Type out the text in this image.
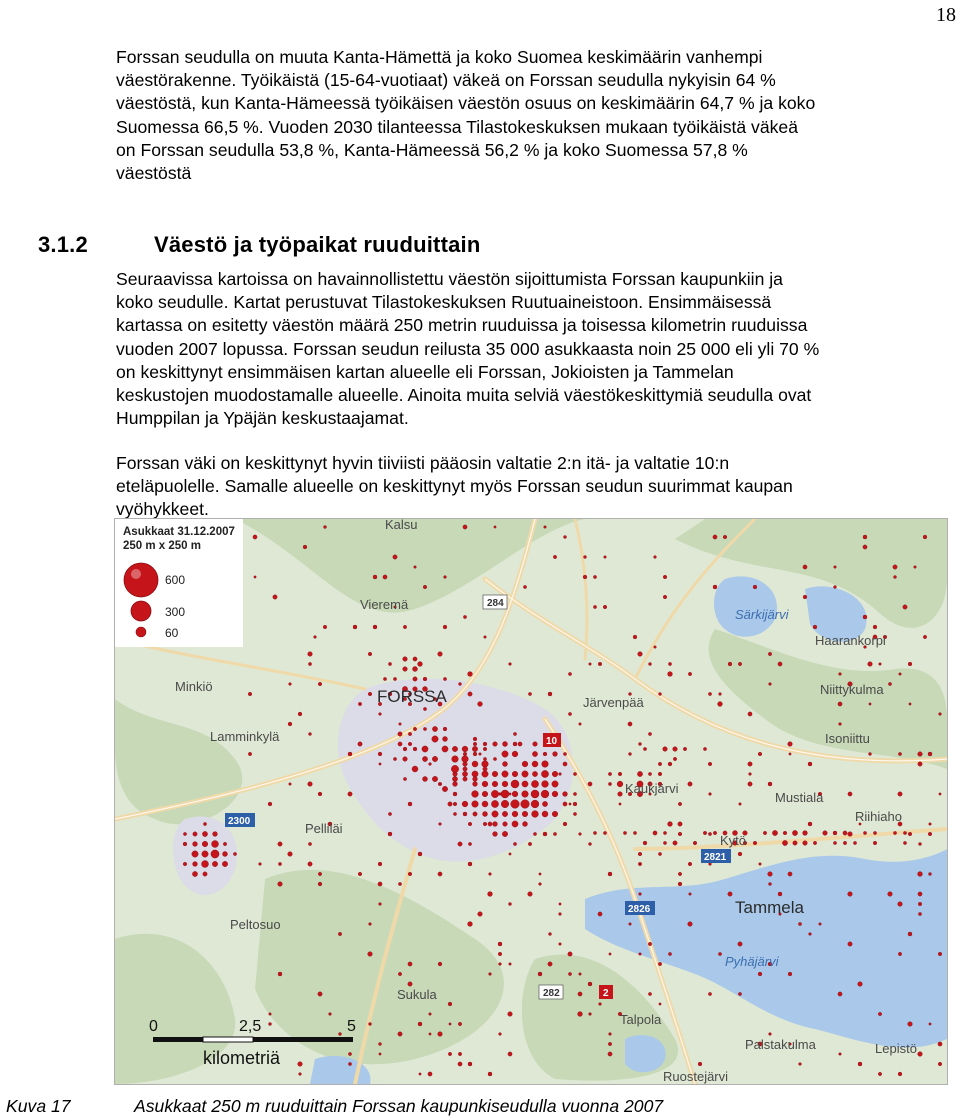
18
Forssan seudulla on muuta Kanta-Hämettä ja koko Suomea keskimäärin vanhempi
väestörakenne. Työikäistä (15-64-vuotiaat) väkeä on Forssan seudulla nykyisin 64 %
väestöstä, kun Kanta-Hämeessä työikäisen väestön osuus on keskimäärin 64,7 % ja koko
Suomessa 66,5 %. Vuoden 2030 tilanteessa Tilastokeskuksen mukaan työikäistä väkeä
on Forssan seudulla 53,8 %, Kanta-Hämeessä 56,2 % ja koko Suomessa 57,8 %
väestöstä
3.1.2	Väestö ja työpaikat ruuduittain
Seuraavissa kartoissa on havainnollistettu väestön sijoittumista Forssan kaupunkiin ja
koko seudulle. Kartat perustuvat Tilastokeskuksen Ruutuaineistoon. Ensimmäisessä
kartassa on esitetty väestön määrä 250 metrin ruuduissa ja toisessa kilometrin ruuduissa
vuoden 2007 lopussa. Forssan seudun reilusta 35 000 asukkaasta noin 25 000 eli yli 70 %
on keskittynyt ensimmäisen kartan alueelle eli Forssan, Jokioisten ja Tammelan
keskustojen muodostamalle alueelle. Ainoita muita selviä väestökeskittymiä seudulla ovat
Humppilan ja Ypäjän keskustaajamat.
Forssan väki on keskittynyt hyvin tiiviisti pääosin valtatie 2:n itä- ja valtatie 10:n
eteläpuolelle. Samalle alueelle on keskittynyt myös Forssan seudun suurimmat kaupan
vyöhykkeet.
Asukkaat 31.12.2007
250 m x 250 m
600
300
60
Kalsu
Vieremä
Minkiö
Lamminkylä
FORSSA	Järvenpää
Kaukjärvi
Pelliläi
Peltosuo
Sukula
Särkijärvi
Haarankorpi
Niittykulma
Isoniittu
Mustiala
Riihiaho
Kytö
Tammela
Pyhäjärvi
Talpola
Palstakulma	Lepistö
Ruostejärvi
284
10
2
282
2826
2821
2300
0	2,5	5
kilometriä
Kuva 17	Asukkaat 250 m ruuduittain Forssan kaupunkiseudulla vuonna 2007
